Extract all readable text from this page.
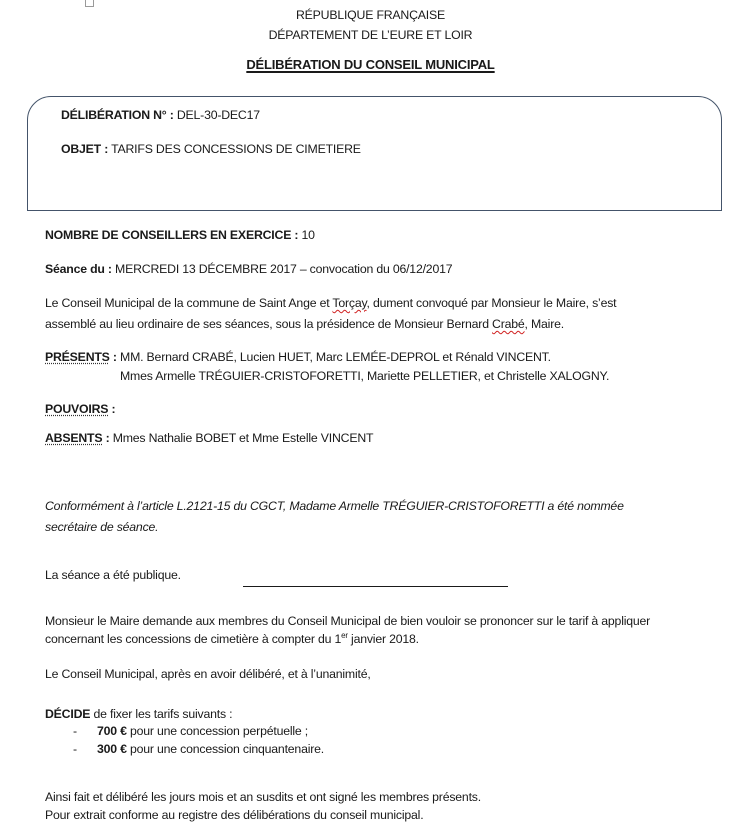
RÉPUBLIQUE FRANÇAISE
DÉPARTEMENT DE L’EURE ET LOIR
DÉLIBÉRATION DU CONSEIL MUNICIPAL
DÉLIBÉRATION N° : DEL-30-DEC17
OBJET : TARIFS DES CONCESSIONS DE CIMETIERE
NOMBRE DE CONSEILLERS EN EXERCICE : 10
Séance du : MERCREDI 13 DÉCEMBRE 2017 – convocation du 06/12/2017
Le Conseil Municipal de la commune de Saint Ange et Torçay, dument convoqué par Monsieur le Maire, s’est
assemblé au lieu ordinaire de ses séances, sous la présidence de Monsieur Bernard Crabé, Maire.
PRÉSENTS : MM. Bernard CRABÉ, Lucien HUET, Marc LEMÉE-DEPROL et Rénald VINCENT.
Mmes Armelle TRÉGUIER-CRISTOFORETTI, Mariette PELLETIER, et Christelle XALOGNY.
POUVOIRS :
ABSENTS : Mmes Nathalie BOBET et Mme Estelle VINCENT
Conformément à l’article L.2121-15 du CGCT, Madame Armelle TRÉGUIER-CRISTOFORETTI a été nommée
secrétaire de séance.
La séance a été publique.
Monsieur le Maire demande aux membres du Conseil Municipal de bien vouloir se prononcer sur le tarif à appliquer
concernant les concessions de cimetière à compter du 1er janvier 2018.
Le Conseil Municipal, après en avoir délibéré, et à l’unanimité,
DÉCIDE de fixer les tarifs suivants :
- 700 € pour une concession perpétuelle ;
- 300 € pour une concession cinquantenaire.
Ainsi fait et délibéré les jours mois et an susdits et ont signé les membres présents.
Pour extrait conforme au registre des délibérations du conseil municipal.
